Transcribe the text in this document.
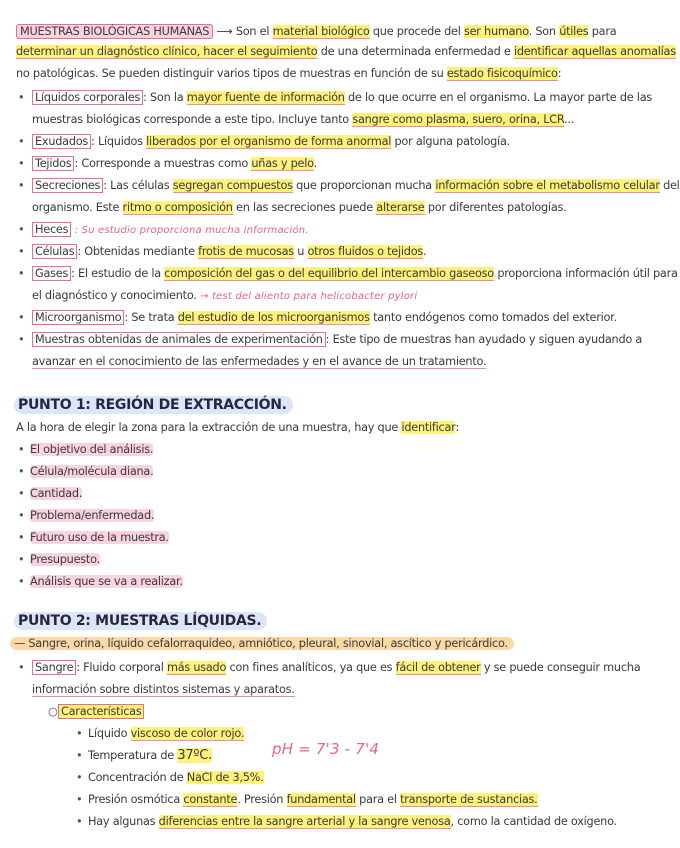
MUESTRAS BIOLÓGICAS HUMANAS ⟶ Son el material biológico que procede del ser humano. Son útiles para
determinar un diagnóstico clínico, hacer el seguimiento de una determinada enfermedad e identificar aquellas anomalías
no patológicas. Se pueden distinguir varios tipos de muestras en función de su estado fisicoquímico:
• Líquidos corporales : Son la mayor fuente de información de lo que ocurre en el organismo. La mayor parte de las
muestras biológicas corresponde a este tipo. Incluye tanto sangre como plasma, suero, orina, LCR...
• Exudados : Líquidos liberados por el organismo de forma anormal por alguna patología.
• Tejidos : Corresponde a muestras como uñas y pelo.
• Secreciones : Las células segregan compuestos que proporcionan mucha información sobre el metabolismo celular del
organismo. Este ritmo o composición en las secreciones puede alterarse por diferentes patologías.
• Heces : Su estudio proporciona mucha información.
• Células : Obtenidas mediante frotis de mucosas u otros fluidos o tejidos.
• Gases : El estudio de la composición del gas o del equilibrio del intercambio gaseoso proporciona información útil para
el diagnóstico y conocimiento. → test del aliento para helicobacter pylori
• Microorganismo : Se trata del estudio de los microorganismos tanto endógenos como tomados del exterior.
• Muestras obtenidas de animales de experimentación : Este tipo de muestras han ayudado y siguen ayudando a
avanzar en el conocimiento de las enfermedades y en el avance de un tratamiento.
PUNTO 1: REGIÓN DE EXTRACCIÓN.
A la hora de elegir la zona para la extracción de una muestra, hay que identificar:
• El objetivo del análisis.
• Célula/molécula diana.
• Cantidad.
• Problema/enfermedad.
• Futuro uso de la muestra.
• Presupuesto.
• Análisis que se va a realizar.
PUNTO 2: MUESTRAS LÍQUIDAS.
— Sangre, orina, líquido cefalorraquídeo, amniótico, pleural, sinovial, ascítico y pericárdico.
• Sangre : Fluido corporal más usado con fines analíticos, ya que es fácil de obtener y se puede conseguir mucha
información sobre distintos sistemas y aparatos.
○ Características
• Líquido viscoso de color rojo.
• Temperatura de 37ºC.	pH = 7'3 - 7'4
• Concentración de NaCl de 3,5%.
• Presión osmótica constante. Presión fundamental para el transporte de sustancias.
• Hay algunas diferencias entre la sangre arterial y la sangre venosa, como la cantidad de oxígeno.
